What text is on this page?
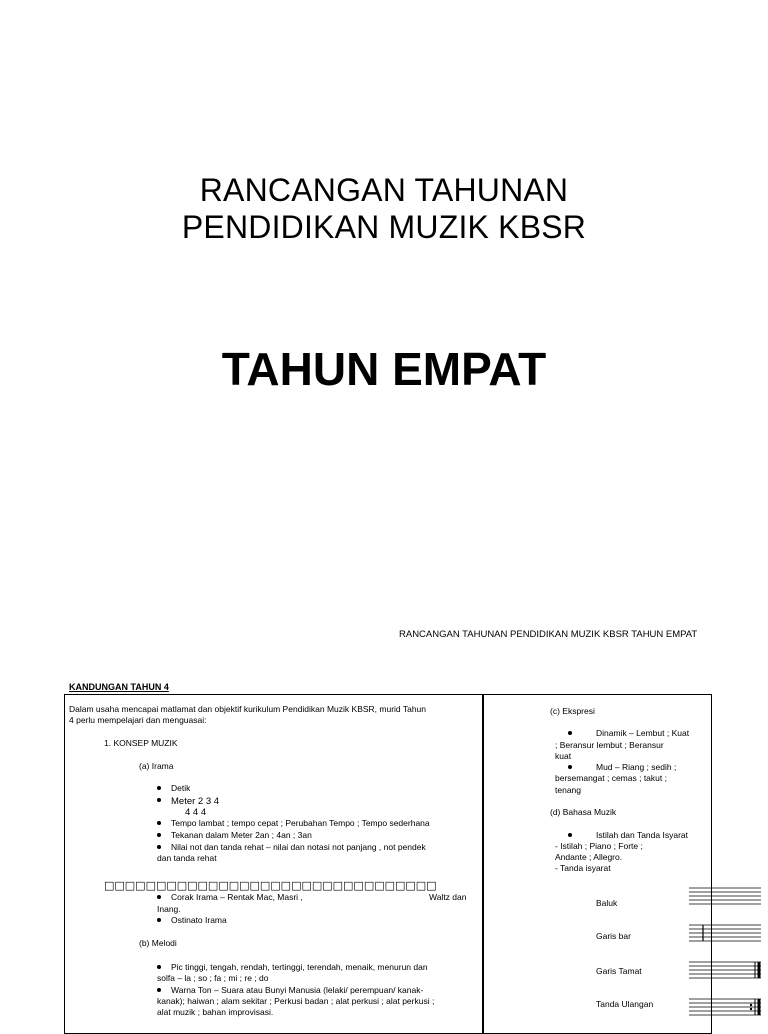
RANCANGAN TAHUNAN
PENDIDIKAN MUZIK KBSR
TAHUN EMPAT
RANCANGAN TAHUNAN PENDIDIKAN MUZIK KBSR TAHUN EMPAT
KANDUNGAN TAHUN 4
Dalam usaha mencapai matlamat dan objektif kurikulum Pendidikan Muzik KBSR, murid Tahun
4 perlu mempelajari dan menguasai:
1. KONSEP MUZIK
(a) Irama
Detik
Meter 2 3 4
4 4 4
Tempo lambat ; tempo cepat ; Perubahan Tempo ; Tempo sederhana
Tekanan dalam Meter 2an ; 4an ; 3an
Nilai not dan tanda rehat – nilai dan notasi not panjang , not pendek
dan tanda rehat
□□□□□□□□□□□□□□□□□□□□□□□□□□□□□□□□
Corak Irama – Rentak Mac, Masri ,	Waltz dan
Inang.
Ostinato Irama
(b) Melodi
Pic tinggi, tengah, rendah, tertinggi, terendah, menaik, menurun dan
solfa – la ; so ; fa ; mi ; re ; do
Warna Ton – Suara atau Bunyi Manusia (lelaki/ perempuan/ kanak-
kanak); haiwan ; alam sekitar ; Perkusi badan ; alat perkusi ; alat perkusi ;
alat muzik ; bahan improvisasi.
(c) Ekspresi
Dinamik – Lembut ; Kuat
; Beransur lembut ; Beransur
kuat
Mud – Riang ; sedih ;
bersemangat ; cemas ; takut ;
tenang
(d) Bahasa Muzik
Istilah dan Tanda Isyarat
- Istilah ; Piano ; Forte ;
Andante ; Allegro.
- Tanda isyarat
Baluk
Garis bar
Garis Tamat
Tanda Ulangan
